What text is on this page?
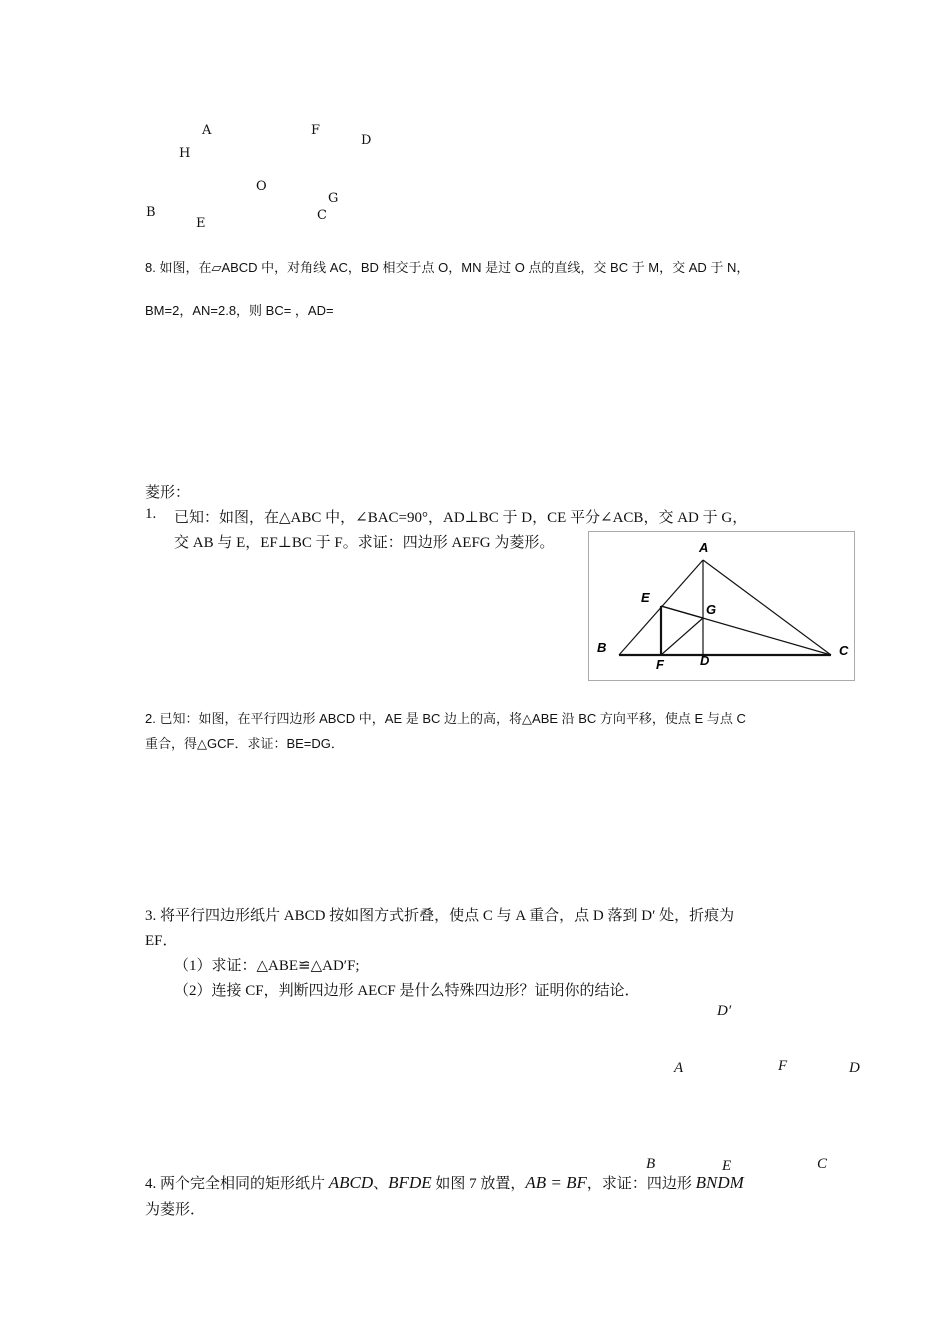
A	F
D
H
O
G
B	C
E
8. 如图，在▱ABCD 中，对角线 AC，BD 相交于点 O，MN 是过 O 点的直线，交 BC 于 M，交 AD 于 N，
BM=2，AN=2.8，则 BC= ，AD=
菱形：
1. 已知：如图，在△ABC 中，∠BAC=90°，AD⊥BC 于 D，CE 平分∠ACB，交 AD 于 G，
交 AB 与 E，EF⊥BC 于 F。求证：四边形 AEFG 为菱形。	A
E
G
B
F	D
C
2. 已知：如图，在平行四边形 ABCD 中，AE 是 BC 边上的高，将△ABE 沿 BC 方向平移，使点 E 与点 C
重合，得△GCF．求证：BE=DG．
3. 将平行四边形纸片 ABCD 按如图方式折叠，使点 C 与 A 重合，点 D 落到 D′ 处，折痕为
EF．
（1）求证：△ABE≌△AD′F;
（2）连接 CF，判断四边形 AECF 是什么特殊四边形？证明你的结论．
D′
A	F	D
B	C
E
4. 两个完全相同的矩形纸片 ABCD、BFDE 如图 7 放置，AB = BF，求证：四边形 BNDM
为菱形．
